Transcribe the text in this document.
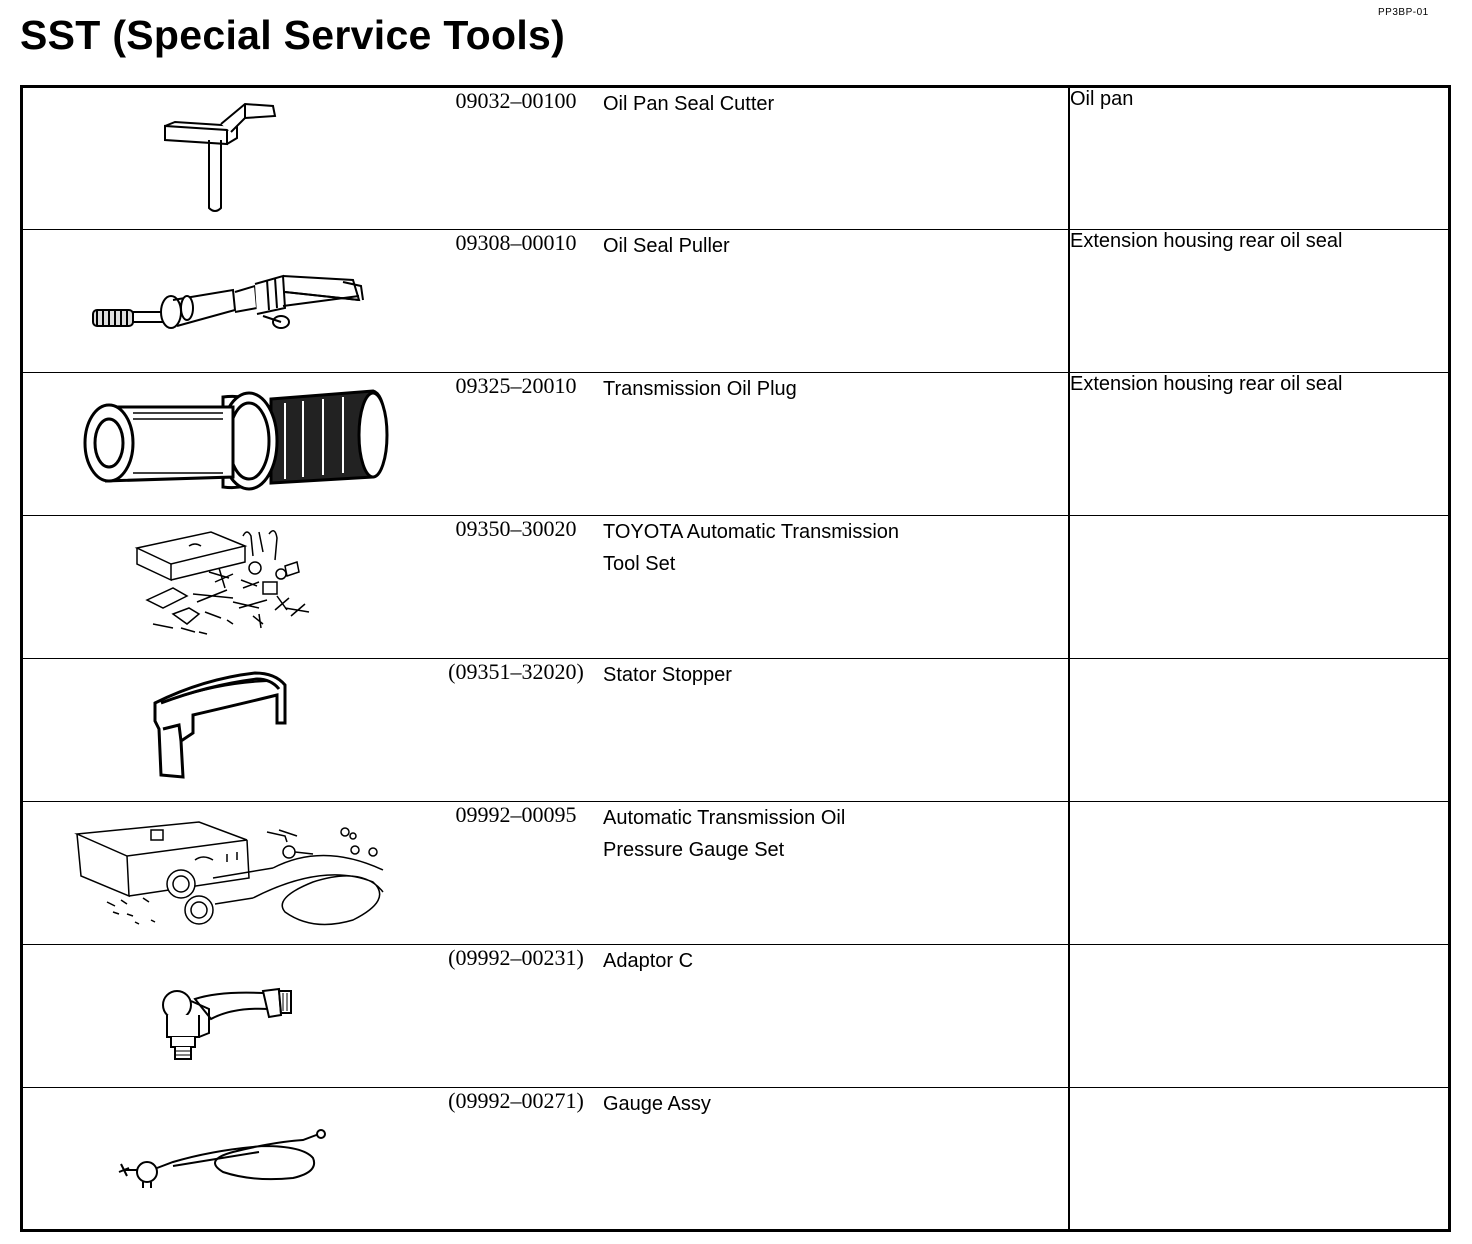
PP3BP-01
SST (Special Service Tools)
	09032–00100	Oil Pan Seal Cutter	Oil pan

	09308–00010	Oil Seal Puller	Extension housing rear oil seal

	09325–20010	Transmission Oil Plug	Extension housing rear oil seal

	09350–30020	TOYOTA Automatic Transmission
Tool Set	

	(09351–32020)	Stator Stopper	

	09992–00095	Automatic Transmission Oil
Pressure Gauge Set	

	(09992–00231)	Adaptor C	

	(09992–00271)	Gauge Assy	
